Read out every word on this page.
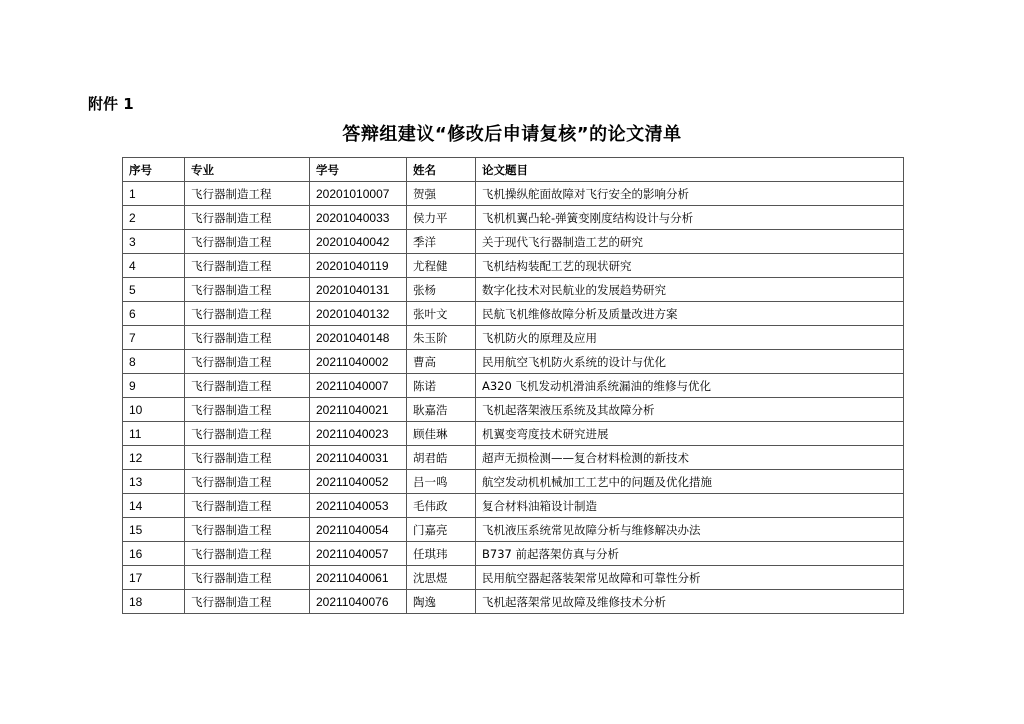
附件 1
答辩组建议“修改后申请复核”的论文清单
序号	专业	学号	姓名	论文题目
1	飞行器制造工程	20201010007	贺强	飞机操纵舵面故障对飞行安全的影响分析
2	飞行器制造工程	20201040033	侯力平	飞机机翼凸轮-弹簧变刚度结构设计与分析
3	飞行器制造工程	20201040042	季洋	关于现代飞行器制造工艺的研究
4	飞行器制造工程	20201040119	尤程健	飞机结构装配工艺的现状研究
5	飞行器制造工程	20201040131	张杨	数字化技术对民航业的发展趋势研究
6	飞行器制造工程	20201040132	张叶文	民航飞机维修故障分析及质量改进方案
7	飞行器制造工程	20201040148	朱玉阶	飞机防火的原理及应用
8	飞行器制造工程	20211040002	曹高	民用航空飞机防火系统的设计与优化
9	飞行器制造工程	20211040007	陈诺	A320 飞机发动机滑油系统漏油的维修与优化
10	飞行器制造工程	20211040021	耿嘉浩	飞机起落架液压系统及其故障分析
11	飞行器制造工程	20211040023	顾佳琳	机翼变弯度技术研究进展
12	飞行器制造工程	20211040031	胡君皓	超声无损检测——复合材料检测的新技术
13	飞行器制造工程	20211040052	吕一鸣	航空发动机机械加工工艺中的问题及优化措施
14	飞行器制造工程	20211040053	毛伟政	复合材料油箱设计制造
15	飞行器制造工程	20211040054	门嘉亮	飞机液压系统常见故障分析与维修解决办法
16	飞行器制造工程	20211040057	任琪玮	B737 前起落架仿真与分析
17	飞行器制造工程	20211040061	沈思煜	民用航空器起落装架常见故障和可靠性分析
18	飞行器制造工程	20211040076	陶逸	飞机起落架常见故障及维修技术分析
